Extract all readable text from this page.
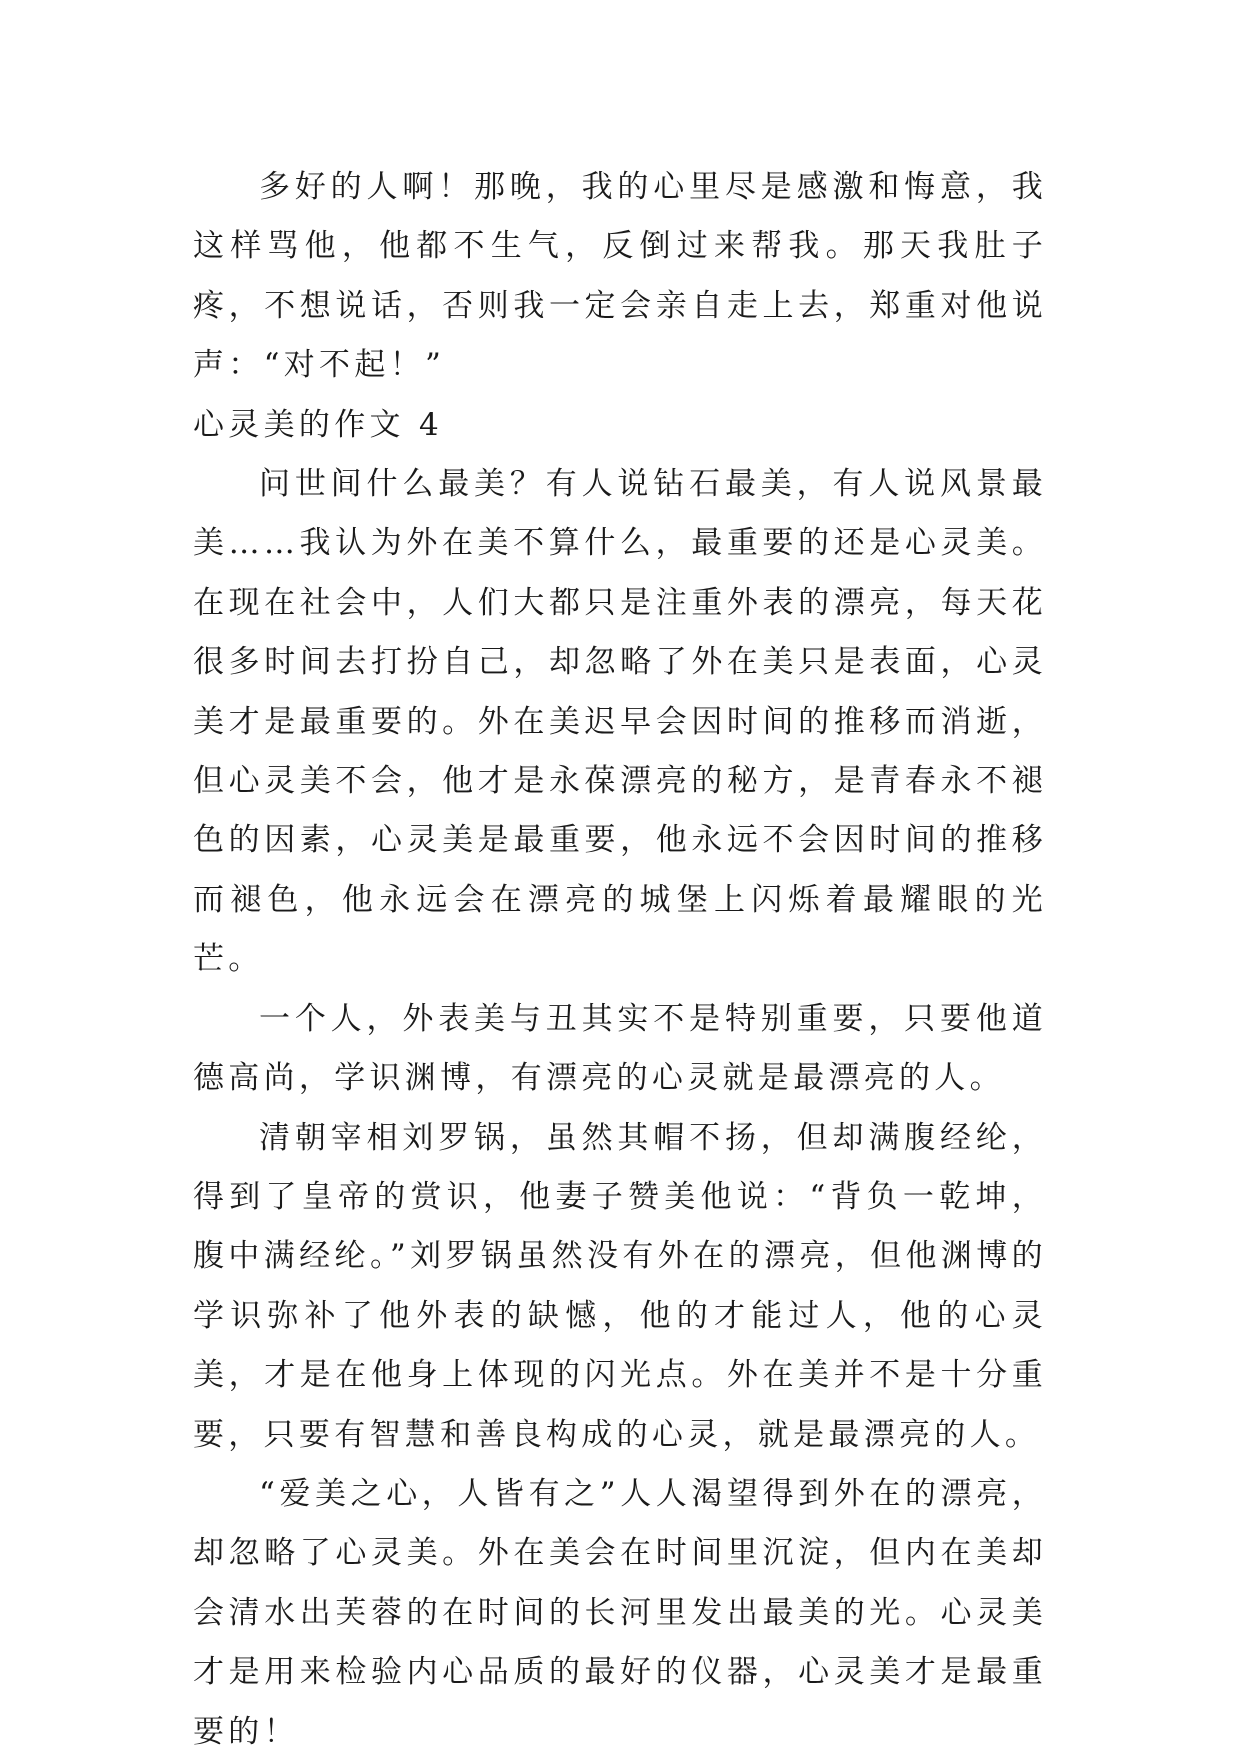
多好的人啊！那晚，我的心里尽是感激和悔意，我这样骂他，他都不生气，反倒过来帮我。那天我肚子疼，不想说话，否则我一定会亲自走上去，郑重对他说声：“对不起！”

心灵美的作文 4

问世间什么最美？有人说钻石最美，有人说风景最美……我认为外在美不算什么，最重要的还是心灵美。在现在社会中，人们大都只是注重外表的漂亮，每天花很多时间去打扮自己，却忽略了外在美只是表面，心灵美才是最重要的。外在美迟早会因时间的推移而消逝，但心灵美不会，他才是永葆漂亮的秘方，是青春永不褪色的因素，心灵美是最重要，他永远不会因时间的推移而褪色，他永远会在漂亮的城堡上闪烁着最耀眼的光芒。

一个人，外表美与丑其实不是特别重要，只要他道德高尚，学识渊博，有漂亮的心灵就是最漂亮的人。

清朝宰相刘罗锅，虽然其帽不扬，但却满腹经纶，得到了皇帝的赏识，他妻子赞美他说：“背负一乾坤，腹中满经纶。”刘罗锅虽然没有外在的漂亮，但他渊博的学识弥补了他外表的缺憾，他的才能过人，他的心灵美，才是在他身上体现的闪光点。外在美并不是十分重要，只要有智慧和善良构成的心灵，就是最漂亮的人。

“爱美之心，人皆有之”人人渴望得到外在的漂亮，却忽略了心灵美。外在美会在时间里沉淀，但内在美却会清水出芙蓉的在时间的长河里发出最美的光。心灵美才是用来检验内心品质的最好的仪器，心灵美才是最重要的！
